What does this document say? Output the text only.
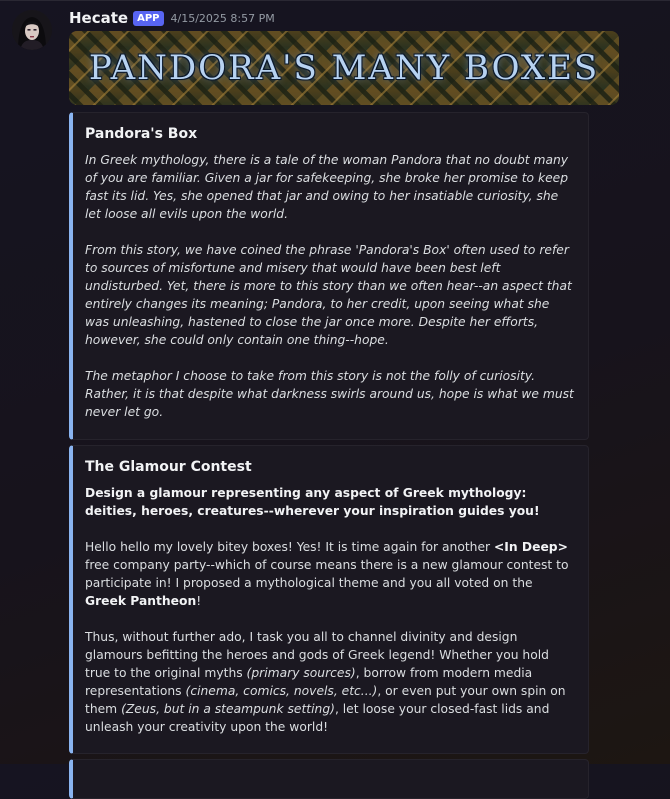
Hecate APP	4/15/2025 8:57 PM
PANDORA'S MANY BOXES
Pandora's Box

In Greek mythology, there is a tale of the woman Pandora that no doubt many of you are familiar. Given a jar for safekeeping, she broke her promise to keep fast its lid. Yes, she opened that jar and owing to her insatiable curiosity, she let loose all evils upon the world.

From this story, we have coined the phrase 'Pandora's Box' often used to refer to sources of misfortune and misery that would have been best left undisturbed. Yet, there is more to this story than we often hear--an aspect that entirely changes its meaning; Pandora, to her credit, upon seeing what she was unleashing, hastened to close the jar once more. Despite her efforts, however, she could only contain one thing--hope.

The metaphor I choose to take from this story is not the folly of curiosity. Rather, it is that despite what darkness swirls around us, hope is what we must never let go.

The Glamour Contest

Design a glamour representing any aspect of Greek mythology: deities, heroes, creatures--wherever your inspiration guides you!

Hello hello my lovely bitey boxes! Yes! It is time again for another <In Deep> free company party--which of course means there is a new glamour contest to participate in! I proposed a mythological theme and you all voted on the Greek Pantheon!

Thus, without further ado, I task you all to channel divinity and design glamours befitting the heroes and gods of Greek legend! Whether you hold true to the original myths (primary sources), borrow from modern media representations (cinema, comics, novels, etc...), or even put your own spin on them (Zeus, but in a steampunk setting), let loose your closed-fast lids and unleash your creativity upon the world!
